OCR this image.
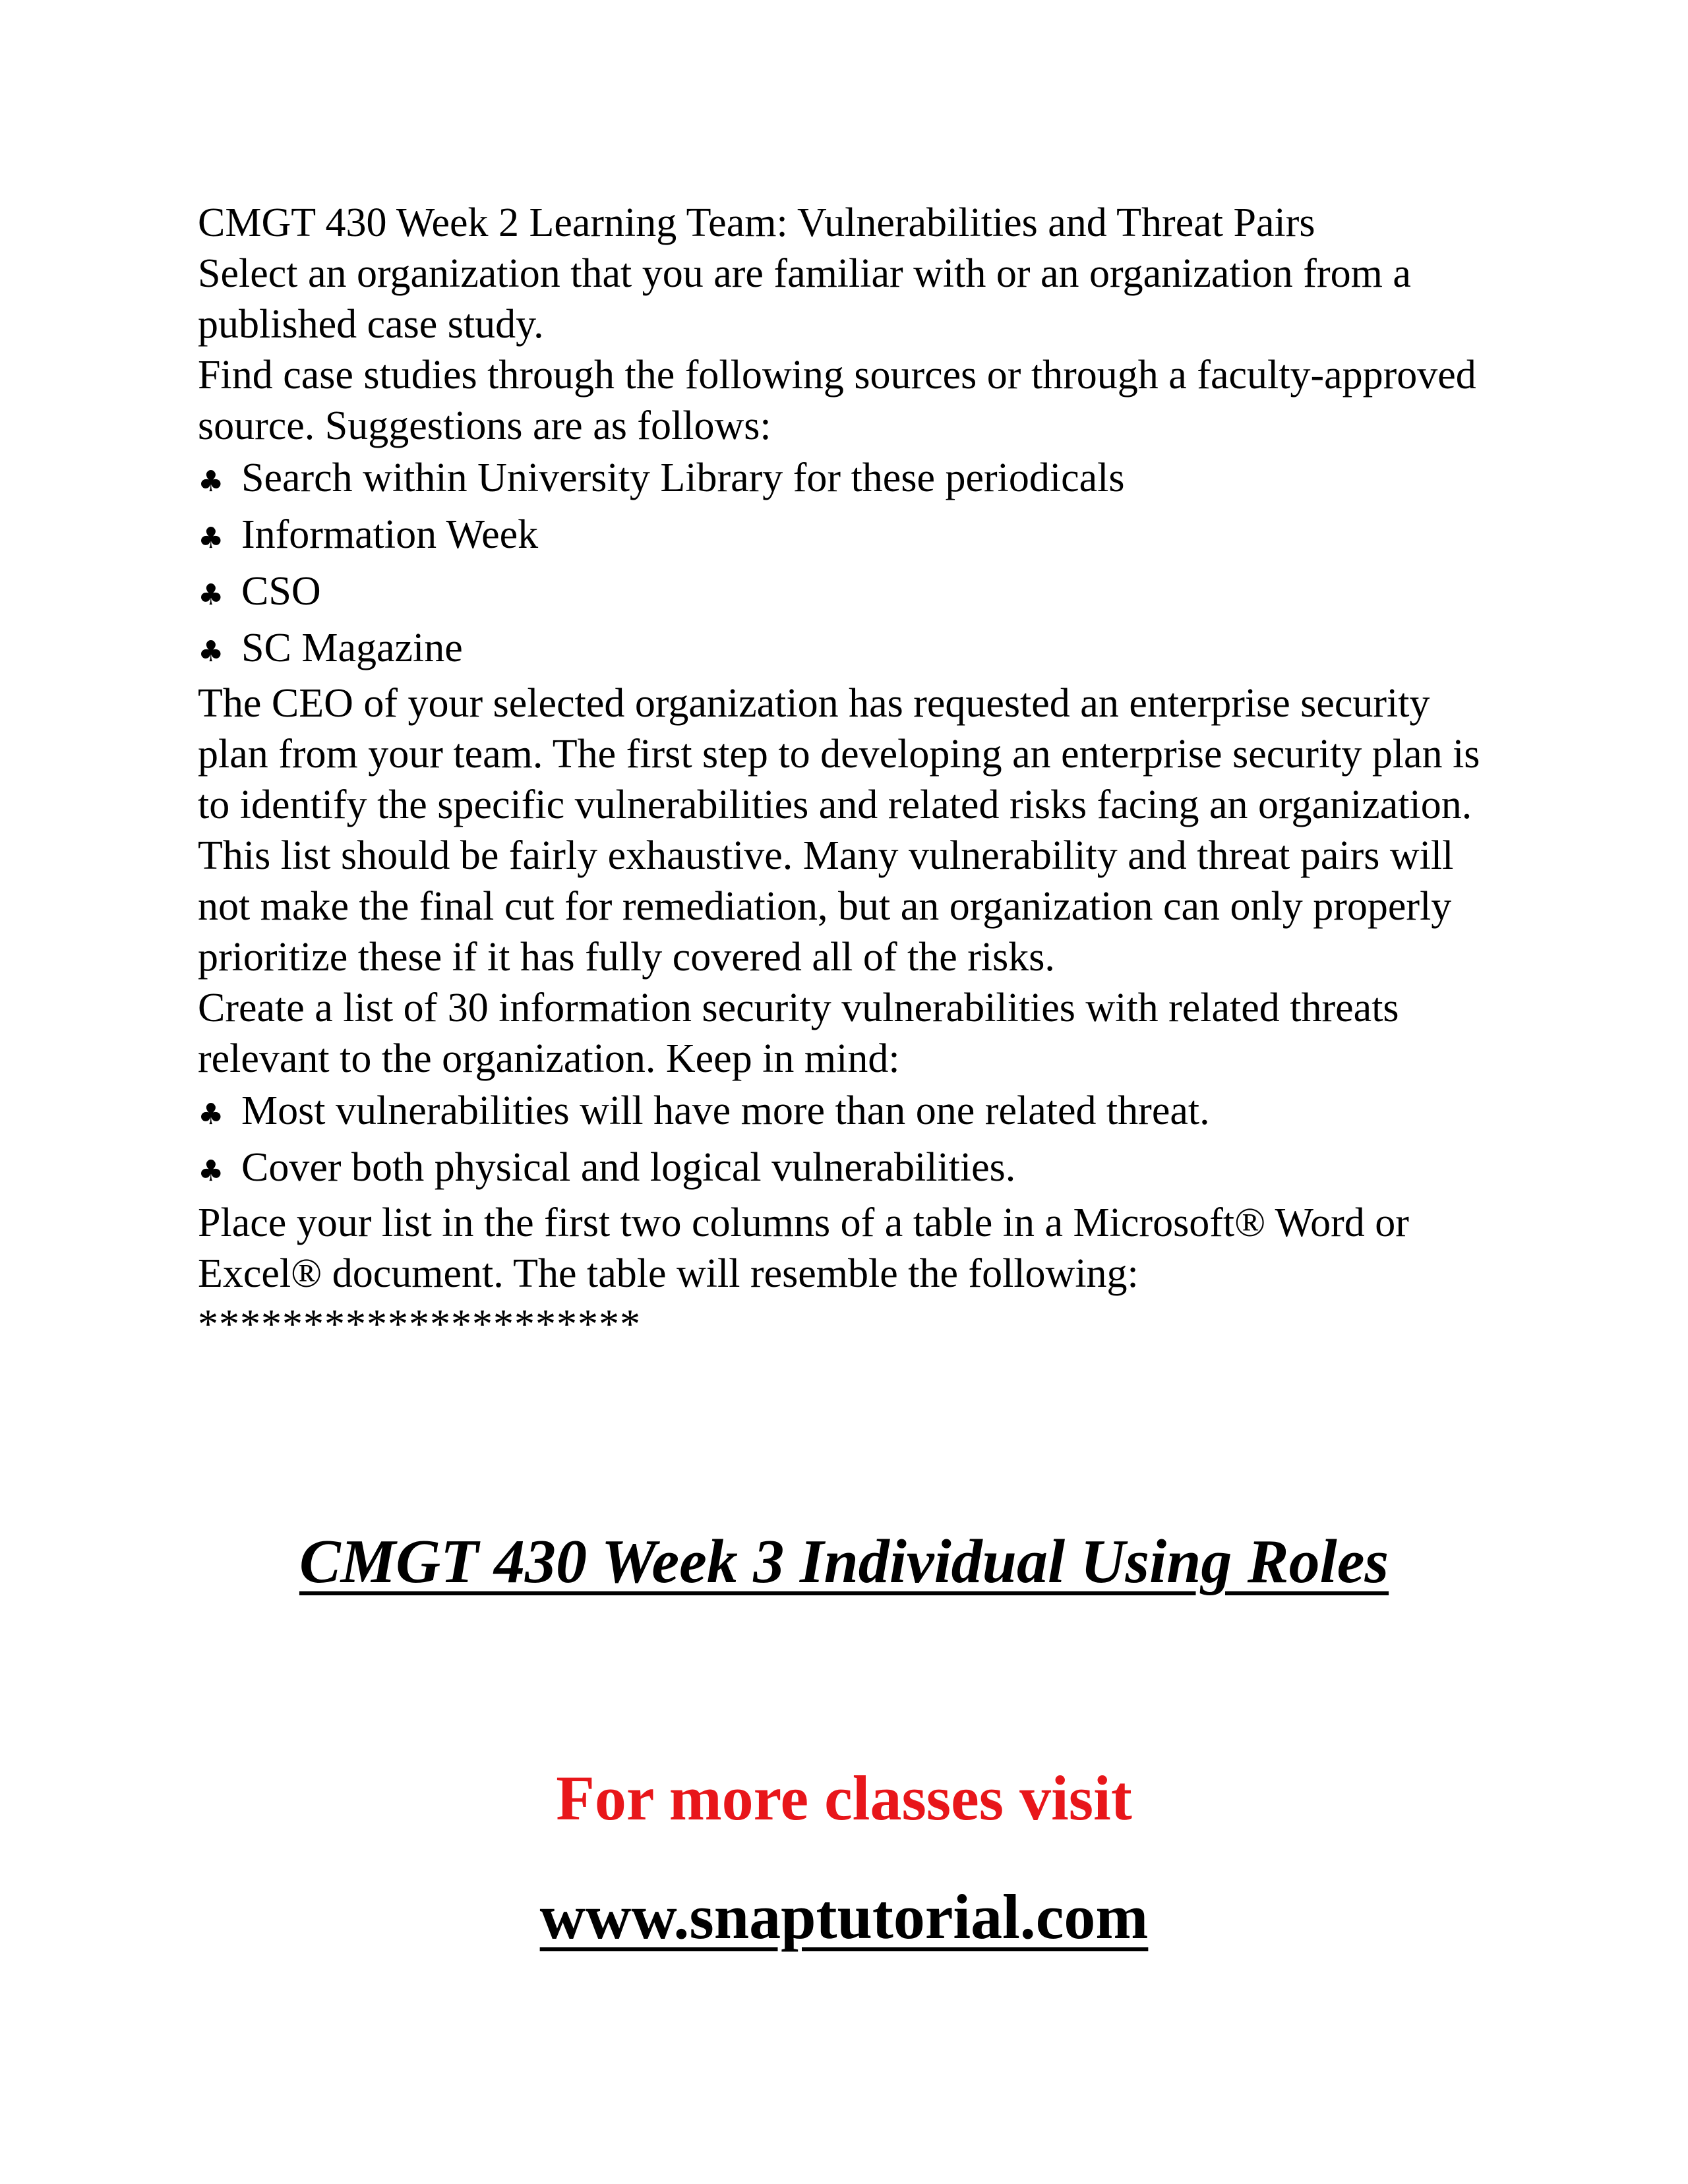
CMGT 430 Week 2 Learning Team: Vulnerabilities and Threat Pairs

Select an organization that you are familiar with or an organization from a published case study.

Find case studies through the following sources or through a faculty-approved source. Suggestions are as follows:

♣ Search within University Library for these periodicals
♣ Information Week
♣ CSO
♣ SC Magazine

The CEO of your selected organization has requested an enterprise security plan from your team. The first step to developing an enterprise security plan is to identify the specific vulnerabilities and related risks facing an organization. This list should be fairly exhaustive. Many vulnerability and threat pairs will not make the final cut for remediation, but an organization can only properly prioritize these if it has fully covered all of the risks.

Create a list of 30 information security vulnerabilities with related threats relevant to the organization. Keep in mind:

♣ Most vulnerabilities will have more than one related threat.
♣ Cover both physical and logical vulnerabilities.

Place your list in the first two columns of a table in a Microsoft® Word or Excel® document. The table will resemble the following:

*********************

CMGT 430 Week 3 Individual Using Roles

For more classes visit

www.snaptutorial.com
